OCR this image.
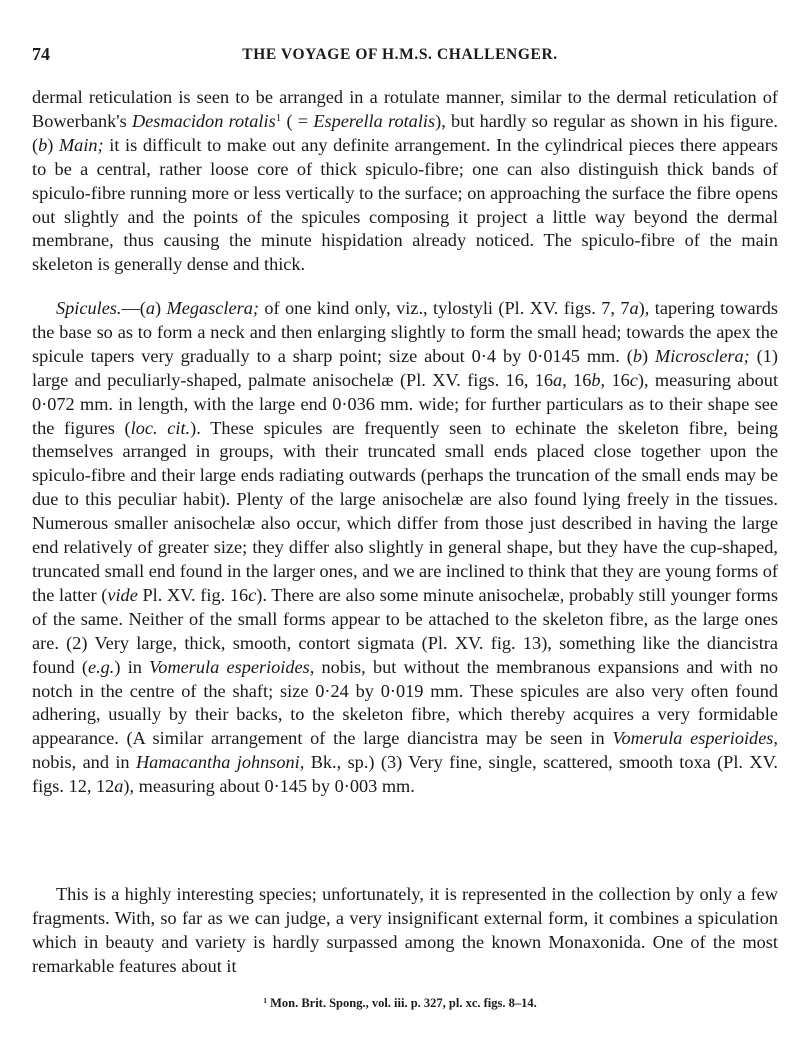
74	THE VOYAGE OF H.M.S. CHALLENGER.

dermal reticulation is seen to be arranged in a rotulate manner, similar to the dermal reticulation of Bowerbank's Desmacidon rotalis$^1$ ( = Esperella rotalis), but hardly so regular as shown in his figure. (b) Main; it is difficult to make out any definite arrangement. In the cylindrical pieces there appears to be a central, rather loose core of thick spiculo-fibre; one can also distinguish thick bands of spiculo-fibre running more or less vertically to the surface; on approaching the surface the fibre opens out slightly and the points of the spicules composing it project a little way beyond the dermal membrane, thus causing the minute hispidation already noticed. The spiculo-fibre of the main skeleton is generally dense and thick.

Spicules.—(a) Megasclera; of one kind only, viz., tylostyli (Pl. XV. figs. 7, 7a), tapering towards the base so as to form a neck and then enlarging slightly to form the small head; towards the apex the spicule tapers very gradually to a sharp point; size about 0·4 by 0·0145 mm. (b) Microsclera; (1) large and peculiarly-shaped, palmate anisochelæ (Pl. XV. figs. 16, 16a, 16b, 16c), measuring about 0·072 mm. in length, with the large end 0·036 mm. wide; for further particulars as to their shape see the figures (loc. cit.). These spicules are frequently seen to echinate the skeleton fibre, being themselves arranged in groups, with their truncated small ends placed close together upon the spiculo-fibre and their large ends radiating outwards (perhaps the truncation of the small ends may be due to this peculiar habit). Plenty of the large anisochelæ are also found lying freely in the tissues. Numerous smaller anisochelæ also occur, which differ from those just described in having the large end relatively of greater size; they differ also slightly in general shape, but they have the cup-shaped, truncated small end found in the larger ones, and we are inclined to think that they are young forms of the latter (vide Pl. XV. fig. 16c). There are also some minute anisochelæ, probably still younger forms of the same. Neither of the small forms appear to be attached to the skeleton fibre, as the large ones are. (2) Very large, thick, smooth, contort sigmata (Pl. XV. fig. 13), something like the diancistra found (e.g.) in Vomerula esperioides, nobis, but without the membranous expansions and with no notch in the centre of the shaft; size 0·24 by 0·019 mm. These spicules are also very often found adhering, usually by their backs, to the skeleton fibre, which thereby acquires a very formidable appearance. (A similar arrangement of the large diancistra may be seen in Vomerula esperioides, nobis, and in Hamacantha johnsoni, Bk., sp.) (3) Very fine, single, scattered, smooth toxa (Pl. XV. figs. 12, 12a), measuring about 0·145 by 0·003 mm.

This is a highly interesting species; unfortunately, it is represented in the collection by only a few fragments. With, so far as we can judge, a very insignificant external form, it combines a spiculation which in beauty and variety is hardly surpassed among the known Monaxonida. One of the most remarkable features about it

$^1$ Mon. Brit. Spong., vol. iii. p. 327, pl. xc. figs. 8–14.
